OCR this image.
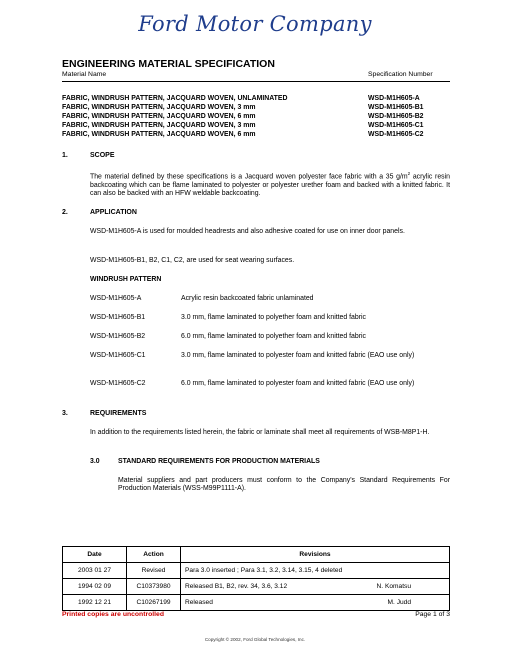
Ford Motor Company
ENGINEERING MATERIAL SPECIFICATION
Material Name	Specification Number
FABRIC, WINDRUSH PATTERN, JACQUARD WOVEN, UNLAMINATED	WSD-M1H605-A
FABRIC, WINDRUSH PATTERN, JACQUARD WOVEN, 3 mm	WSD-M1H605-B1
FABRIC, WINDRUSH PATTERN, JACQUARD WOVEN, 6 mm	WSD-M1H605-B2
FABRIC, WINDRUSH PATTERN, JACQUARD WOVEN, 3 mm	WSD-M1H605-C1
FABRIC, WINDRUSH PATTERN, JACQUARD WOVEN, 6 mm	WSD-M1H605-C2
1.	SCOPE
The material defined by these specifications is a Jacquard woven polyester face fabric with a 35 $g/m^2$ acrylic resin backcoating which can be flame laminated to polyester or polyester urether foam and backed with a knitted fabric. It can also be backed with an HFW weldable backcoating.
2.	APPLICATION
WSD-M1H605-A is used for moulded headrests and also adhesive coated for use on inner door panels.
WSD-M1H605-B1, B2, C1, C2, are used for seat wearing surfaces.
WINDRUSH PATTERN
WSD-M1H605-A	Acrylic resin backcoated fabric unlaminated
WSD-M1H605-B1	3.0 mm, flame laminated to polyether foam and knitted fabric
WSD-M1H605-B2	6.0 mm, flame laminated to polyether foam and knitted fabric
WSD-M1H605-C1	3.0 mm, flame laminated to polyester foam and knitted fabric (EAO use only)
WSD-M1H605-C2	6.0 mm, flame laminated to polyester foam and knitted fabric (EAO use only)
3.	REQUIREMENTS
In addition to the requirements listed herein, the fabric or laminate shall meet all requirements of WSB-M8P1-H.
3.0	STANDARD REQUIREMENTS FOR PRODUCTION MATERIALS
Material suppliers and part producers must conform to the Company's Standard Requirements For Production Materials (WSS-M99P1111-A).
Date	Action	Revisions
2003 01 27	Revised	Para 3.0 inserted ; Para 3.1, 3.2, 3.14, 3.15, 4 deleted
1994 02 09	C10373980	Released B1, B2, rev. 34, 3.6, 3.12 N. Komatsu

1992 12 21	C10267199	Released M. Judd
Printed copies are uncontrolled	Page 1 of 3
Copyright © 2002, Ford Global Technologies, Inc.
